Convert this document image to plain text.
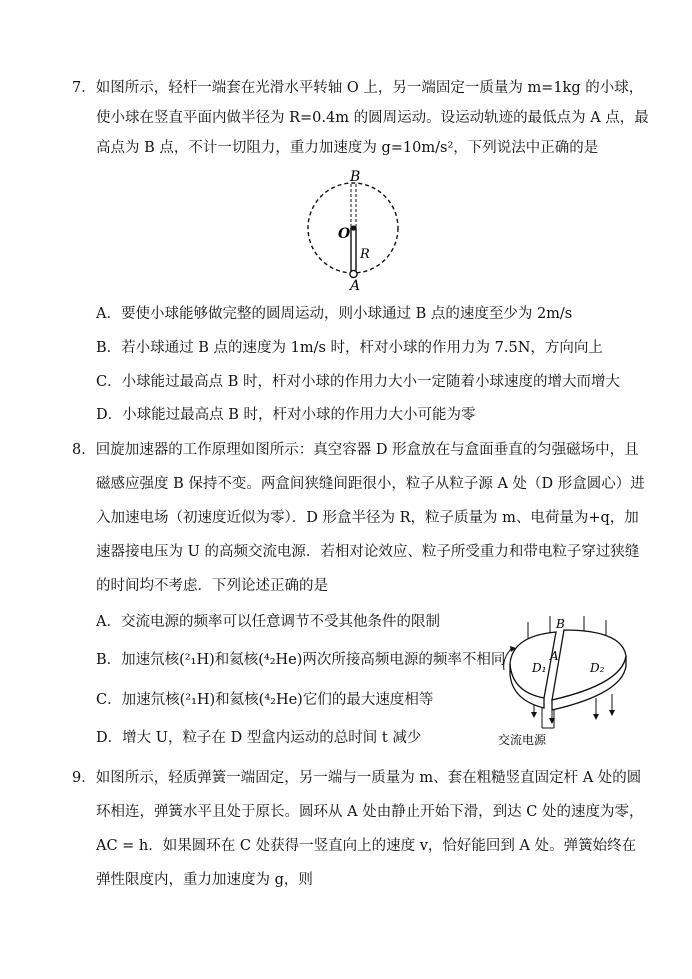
7．如图所示，轻杆一端套在光滑水平转轴 O 上，另一端固定一质量为 m=1kg 的小球，
使小球在竖直平面内做半径为 R=0.4m 的圆周运动。设运动轨迹的最低点为 A 点，最
高点为 B 点，不计一切阻力，重力加速度为 g=10m/s²，下列说法中正确的是
B
O
R
A
A．要使小球能够做完整的圆周运动，则小球通过 B 点的速度至少为 2m/s
B．若小球通过 B 点的速度为 1m/s 时，杆对小球的作用力为 7.5N，方向向上
C．小球能过最高点 B 时，杆对小球的作用力大小一定随着小球速度的增大而增大
D．小球能过最高点 B 时，杆对小球的作用力大小可能为零
8．回旋加速器的工作原理如图所示：真空容器 D 形盒放在与盒面垂直的匀强磁场中，且
磁感应强度 B 保持不变。两盒间狭缝间距很小，粒子从粒子源 A 处（D 形盒圆心）进
入加速电场（初速度近似为零）．D 形盒半径为 R，粒子质量为 m、电荷量为+q，加
速器接电压为 U 的高频交流电源．若相对论效应、粒子所受重力和带电粒子穿过狭缝
的时间均不考虑．下列论述正确的是
A．交流电源的频率可以任意调节不受其他条件的限制
B．加速氘核(²₁H)和氦核(⁴₂He)两次所接高频电源的频率不相同
C．加速氘核(²₁H)和氦核(⁴₂He)它们的最大速度相等
D．增大 U，粒子在 D 型盒内运动的总时间 t 减少
B
A
D₁	D₂
交流电源
9．如图所示，轻质弹簧一端固定，另一端与一质量为 m、套在粗糙竖直固定杆 A 处的圆
环相连，弹簧水平且处于原长。圆环从 A 处由静止开始下滑，到达 C 处的速度为零，
AC = h．如果圆环在 C 处获得一竖直向上的速度 v，恰好能回到 A 处。弹簧始终在
弹性限度内，重力加速度为 g，则
